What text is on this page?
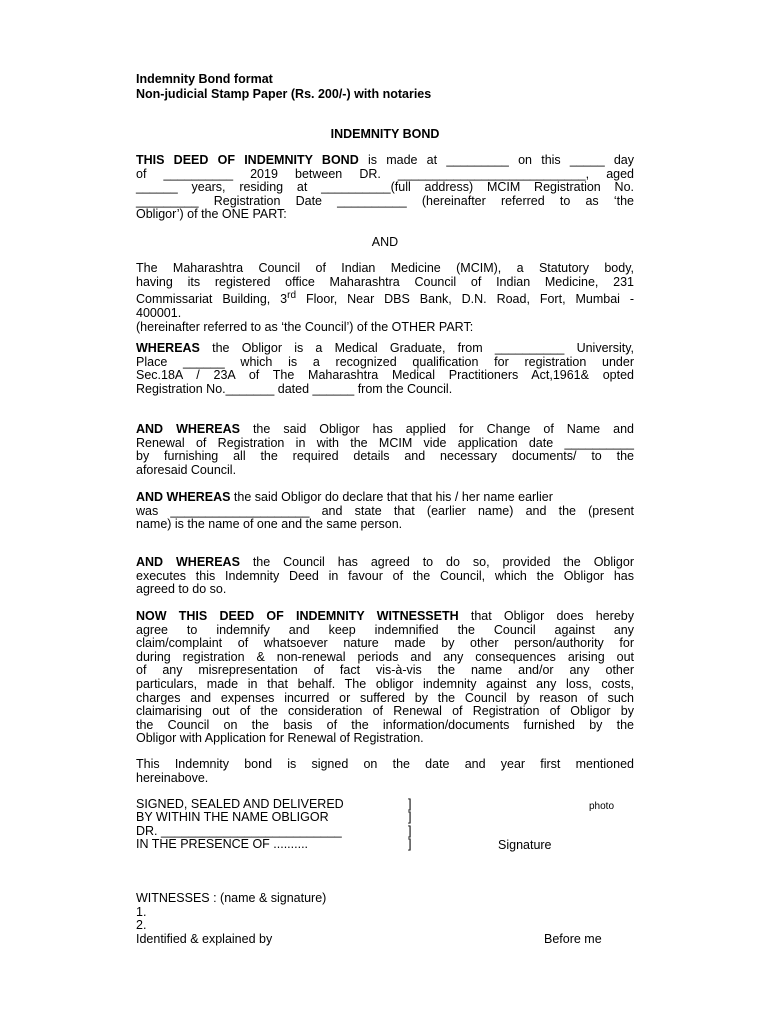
Indemnity Bond format
Non-judicial Stamp Paper (Rs. 200/-) with notaries
INDEMNITY BOND
THIS DEED OF INDEMNITY BOND is made at _________ on this _____ day
of __________ 2019 between DR. ___________________________, aged
______ years, residing at __________(full address) MCIM Registration No.
_________ Registration Date __________ (hereinafter referred to as ‘the
Obligor’) of the ONE PART:
AND
The Maharashtra Council of Indian Medicine (MCIM), a Statutory body,
having its registered office Maharashtra Council of Indian Medicine, 231
Commissariat Building, 3rd Floor, Near DBS Bank, D.N. Road, Fort, Mumbai -
400001.
(hereinafter referred to as ‘the Council’) of the OTHER PART:
WHEREAS the Obligor is a Medical Graduate, from __________ University,
Place ______ which is a recognized qualification for registration under
Sec.18A / 23A of The Maharashtra Medical Practitioners Act,1961& opted
Registration No._______ dated ______ from the Council.
AND WHEREAS the said Obligor has applied for Change of Name and
Renewal of Registration in with the MCIM vide application date __________
by furnishing all the required details and necessary documents/ to the
aforesaid Council.
AND WHEREAS the said Obligor do declare that that his / her name earlier
was ____________________ and state that (earlier name) and the (present
name) is the name of one and the same person.
AND WHEREAS the Council has agreed to do so, provided the Obligor
executes this Indemnity Deed in favour of the Council, which the Obligor has
agreed to do so.
NOW THIS DEED OF INDEMNITY WITNESSETH that Obligor does hereby
agree to indemnify and keep indemnified the Council against any
claim/complaint of whatsoever nature made by other person/authority for
during registration & non-renewal periods and any consequences arising out
of any misrepresentation of fact vis-à-vis the name and/or any other
particulars, made in that behalf. The obligor indemnity against any loss, costs,
charges and expenses incurred or suffered by the Council by reason of such
claimarising out of the consideration of Renewal of Registration of Obligor by
the Council on the basis of the information/documents furnished by the
Obligor with Application for Renewal of Registration.
This Indemnity bond is signed on the date and year first mentioned
hereinabove.
SIGNED, SEALED AND DELIVERED
BY WITHIN THE NAME OBLIGOR
DR. __________________________
IN THE PRESENCE OF ..........
]
]
]
]
photo
Signature
WITNESSES : (name & signature)
1.
2.
Identified & explained by	Before me
